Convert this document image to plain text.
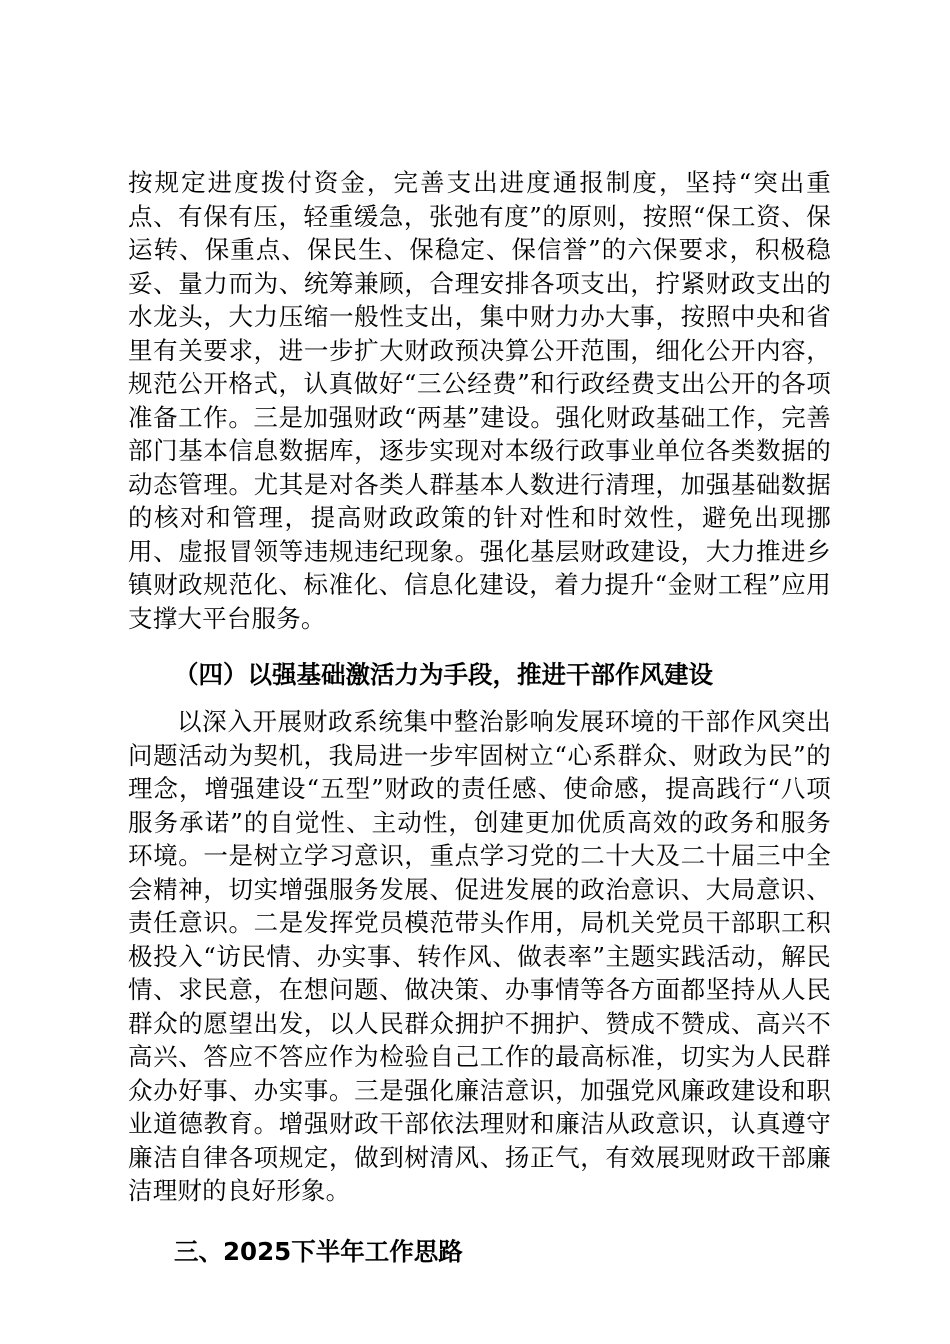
按规定进度拨付资金，完善支出进度通报制度，坚持“突出重点、有保有压，轻重缓急，张弛有度”的原则，按照“保工资、保运转、保重点、保民生、保稳定、保信誉”的六保要求，积极稳妥、量力而为、统筹兼顾，合理安排各项支出，拧紧财政支出的水龙头，大力压缩一般性支出，集中财力办大事，按照中央和省里有关要求，进一步扩大财政预决算公开范围，细化公开内容，规范公开格式，认真做好“三公经费”和行政经费支出公开的各项准备工作。三是加强财政“两基”建设。强化财政基础工作，完善部门基本信息数据库，逐步实现对本级行政事业单位各类数据的动态管理。尤其是对各类人群基本人数进行清理，加强基础数据的核对和管理，提高财政政策的针对性和时效性，避免出现挪用、虚报冒领等违规违纪现象。强化基层财政建设，大力推进乡镇财政规范化、标准化、信息化建设，着力提升“金财工程”应用支撑大平台服务。

（四）以强基础激活力为手段，推进干部作风建设

以深入开展财政系统集中整治影响发展环境的干部作风突出问题活动为契机，我局进一步牢固树立“心系群众、财政为民”的理念，增强建设“五型”财政的责任感、使命感，提高践行“八项服务承诺”的自觉性、主动性，创建更加优质高效的政务和服务环境。一是树立学习意识，重点学习党的二十大及二十届三中全会精神，切实增强服务发展、促进发展的政治意识、大局意识、责任意识。二是发挥党员模范带头作用，局机关党员干部职工积极投入“访民情、办实事、转作风、做表率”主题实践活动，解民情、求民意，在想问题、做决策、办事情等各方面都坚持从人民群众的愿望出发，以人民群众拥护不拥护、赞成不赞成、高兴不高兴、答应不答应作为检验自己工作的最高标准，切实为人民群众办好事、办实事。三是强化廉洁意识，加强党风廉政建设和职业道德教育。增强财政干部依法理财和廉洁从政意识，认真遵守廉洁自律各项规定，做到树清风、扬正气，有效展现财政干部廉洁理财的良好形象。

三、2025下半年工作思路
